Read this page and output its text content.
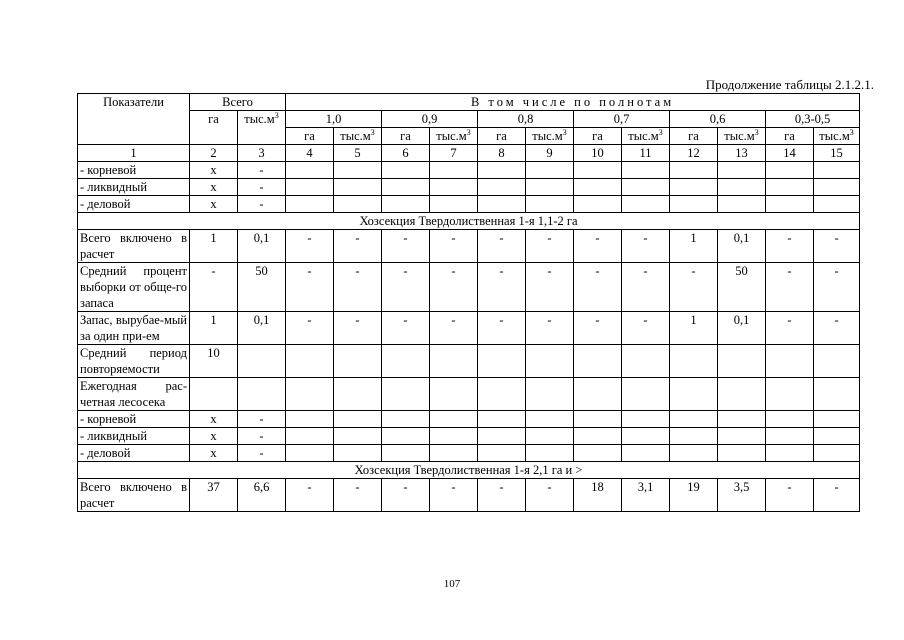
Продолжение таблицы 2.1.2.1.
Показатели	Всего		В том числе по полнотам											
	га	$тыс.м^3$	1,0		0,9		0,8		0,7		0,6		0,3-0,5	
			га	$тыс.м^3$	га	$тыс.м^3$	га	$тыс.м^3$	га	$тыс.м^3$	га	$тыс.м^3$	га	$тыс.м^3$
1	2	3	4	5	6	7	8	9	10	11	12	13	14	15
- корневой	х	-												
- ликвидный	х	-												
- деловой	х	-												
Хозсекция Твердолиственная 1-я 1,1-2 га														
Всего включено в расчет	1	0,1	-	-	-	-	-	-	-	-	1	0,1	-	-
Средний процент выборки от обще-го запаса	-	50	-	-	-	-	-	-	-	-	-	50	-	-
Запас, вырубае-мый за один при-ем	1	0,1	-	-	-	-	-	-	-	-	1	0,1	-	-
Средний период повторяемости	10													
Ежегодная рас-четная лесосека														
- корневой	х	-												
- ликвидный	х	-												
- деловой	х	-												
Хозсекция Твердолиственная 1-я 2,1 га и >														
Всего включено в расчет	37	6,6	-	-	-	-	-	-	18	3,1	19	3,5	-	-
107
